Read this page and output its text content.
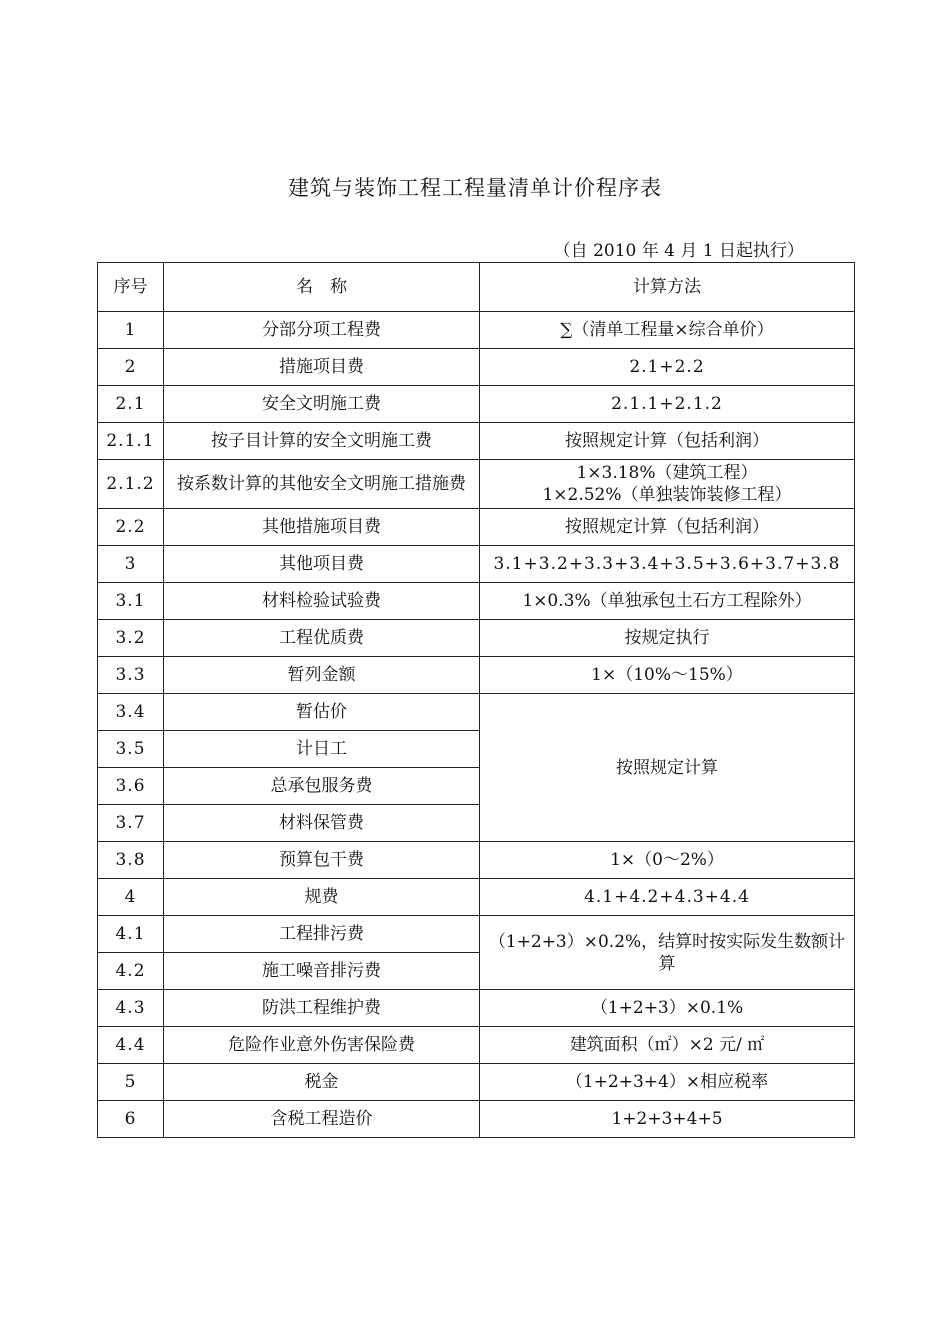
建筑与装饰工程工程量清单计价程序表
（自 2010 年 4 月 1 日起执行）
序号	名　称	计算方法
1	分部分项工程费	∑（清单工程量×综合单价）
2	措施项目费	2.1+2.2
2.1	安全文明施工费	2.1.1+2.1.2
2.1.1	按子目计算的安全文明施工费	按照规定计算（包括利润）
2.1.2	按系数计算的其他安全文明施工措施费	1×3.18%（建筑工程）
1×2.52%（单独装饰装修工程）

2.2	其他措施项目费	按照规定计算（包括利润）
3	其他项目费	3.1+3.2+3.3+3.4+3.5+3.6+3.7+3.8
3.1	材料检验试验费	1×0.3%（单独承包土石方工程除外）
3.2	工程优质费	按规定执行
3.3	暂列金额	1×（10%～15%）
3.4	暂估价	按照规定计算
3.5	计日工	
3.6	总承包服务费	
3.7	材料保管费	
3.8	预算包干费	1×（0～2%）
4	规费	4.1+4.2+4.3+4.4
4.1	工程排污费	（1+2+3）×0.2%，结算时按实际发生数额计算
4.2	施工噪音排污费	
4.3	防洪工程维护费	（1+2+3）×0.1%
4.4	危险作业意外伤害保险费	建筑面积（㎡）×2 元/ ㎡
5	税金	（1+2+3+4）×相应税率
6	含税工程造价	1+2+3+4+5
